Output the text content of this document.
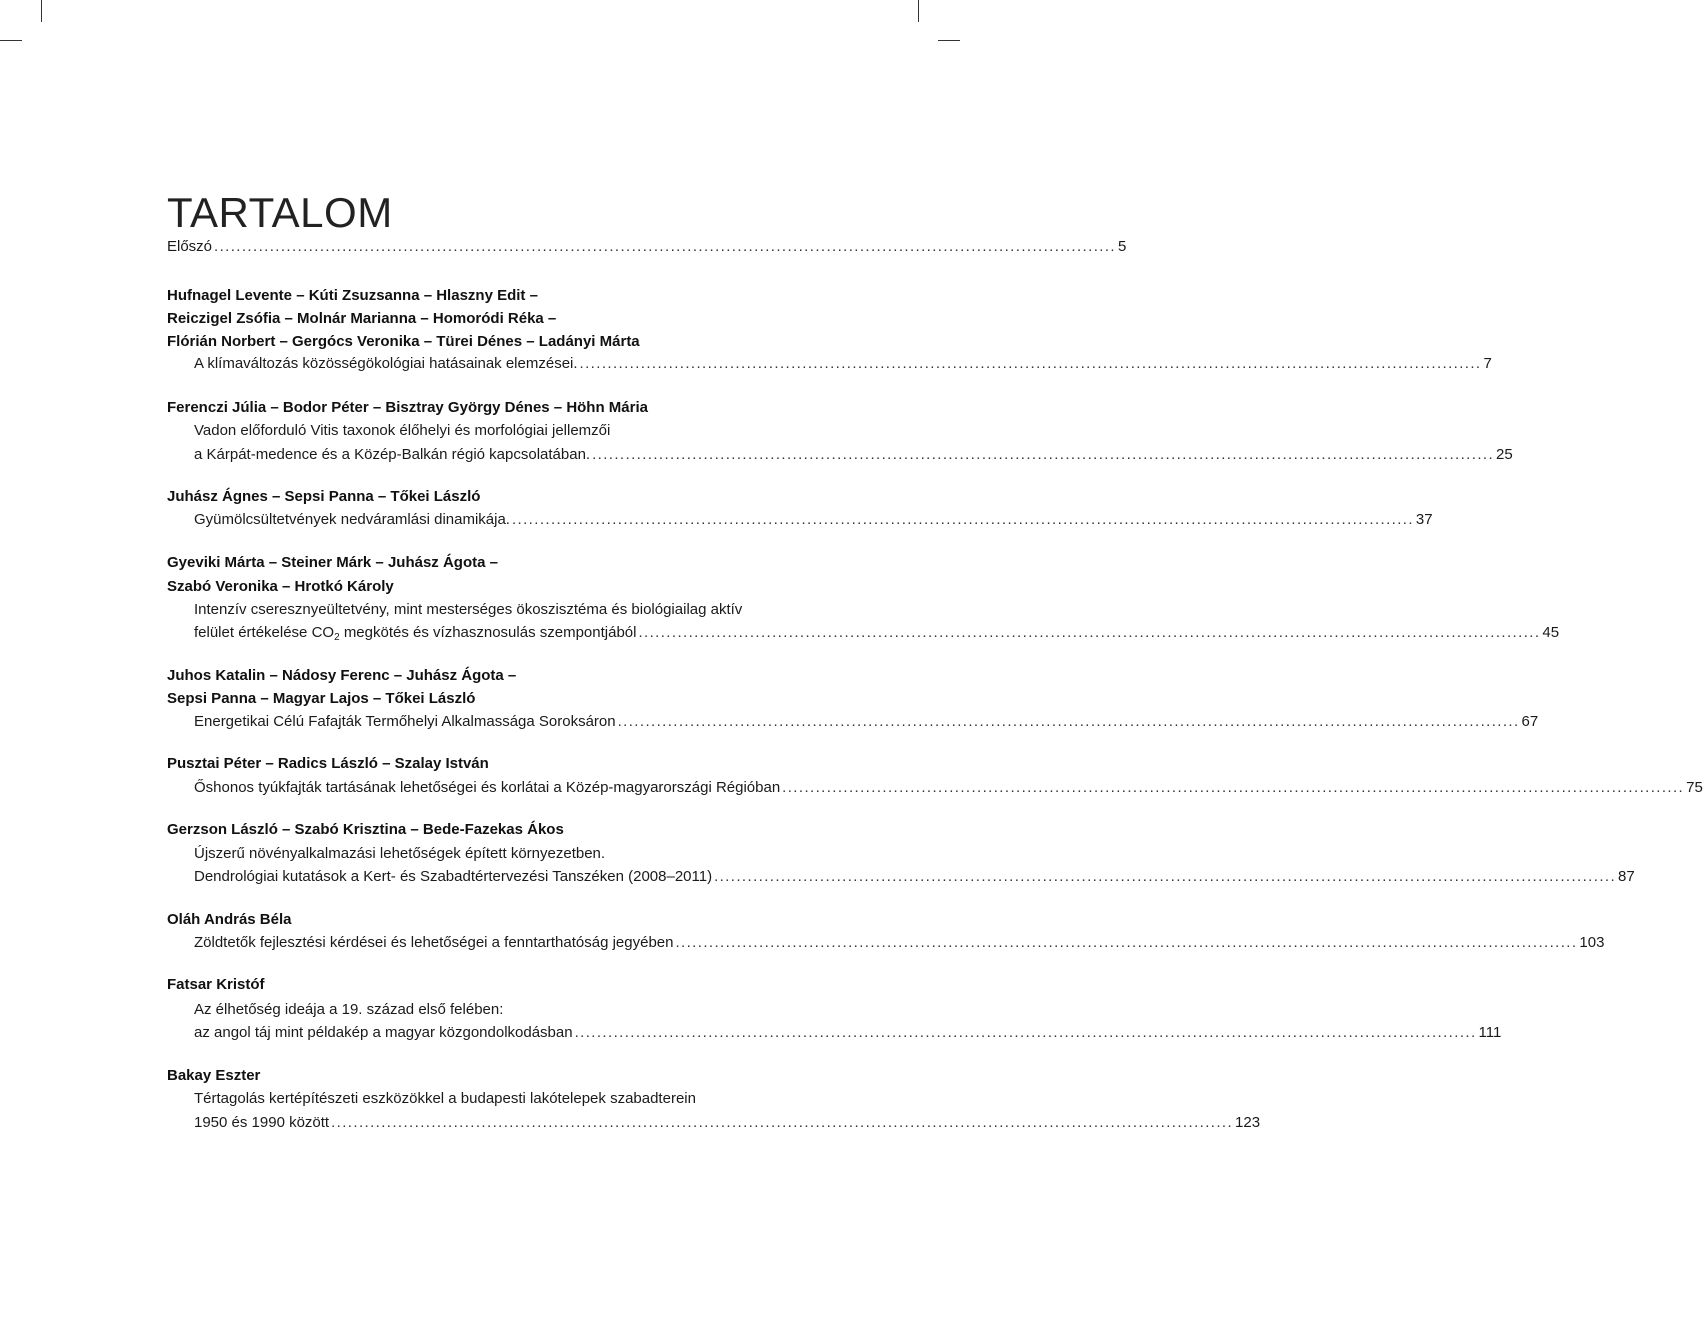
TARTALOM
Előszó .................................................................................................................................................................. 5
Hufnagel Levente – Kúti Zsuzsanna – Hlaszny Edit –
Reiczigel Zsófia – Molnár Marianna – Homoródi Réka –
Flórián Norbert – Gergócs Veronika – Türei Dénes – Ladányi Márta
A klímaváltozás közösségökológiai hatásainak elemzései. .................................................................................................................................................................. 7
Ferenczi Júlia – Bodor Péter – Bisztray György Dénes – Höhn Mária
Vadon előforduló Vitis taxonok élőhelyi és morfológiai jellemzői
a Kárpát-medence és a Közép-Balkán régió kapcsolatában. .................................................................................................................................................................. 25
Juhász Ágnes – Sepsi Panna – Tőkei László
Gyümölcsültetvények nedváramlási dinamikája. .................................................................................................................................................................. 37
Gyeviki Márta – Steiner Márk – Juhász Ágota –
Szabó Veronika – Hrotkó Károly
Intenzív cseresznyeültetvény, mint mesterséges ökoszisztéma és biológiailag aktív
felület értékelése $CO_2$ megkötés és vízhasznosulás szempontjából .................................................................................................................................................................. 45
Juhos Katalin – Nádosy Ferenc – Juhász Ágota –
Sepsi Panna – Magyar Lajos – Tőkei László
Energetikai Célú Fafajták Termőhelyi Alkalmassága Soroksáron .................................................................................................................................................................. 67
Pusztai Péter – Radics László – Szalay István
Őshonos tyúkfajták tartásának lehetőségei és korlátai a Közép-magyarországi Régióban .................................................................................................................................................................. 75
Gerzson László – Szabó Krisztina – Bede-Fazekas Ákos
Újszerű növényalkalmazási lehetőségek épített környezetben.
Dendrológiai kutatások a Kert- és Szabadtértervezési Tanszéken (2008–2011) .................................................................................................................................................................. 87
Oláh András Béla
Zöldtetők fejlesztési kérdései és lehetőségei a fenntarthatóság jegyében .................................................................................................................................................................. 103
Fatsar Kristóf
Az élhetőség ideája a 19. század első felében:
az angol táj mint példakép a magyar közgondolkodásban .................................................................................................................................................................. 111
Bakay Eszter
Tértagolás kertépítészeti eszközökkel a budapesti lakótelepek szabadterein
1950 és 1990 között .................................................................................................................................................................. 123
